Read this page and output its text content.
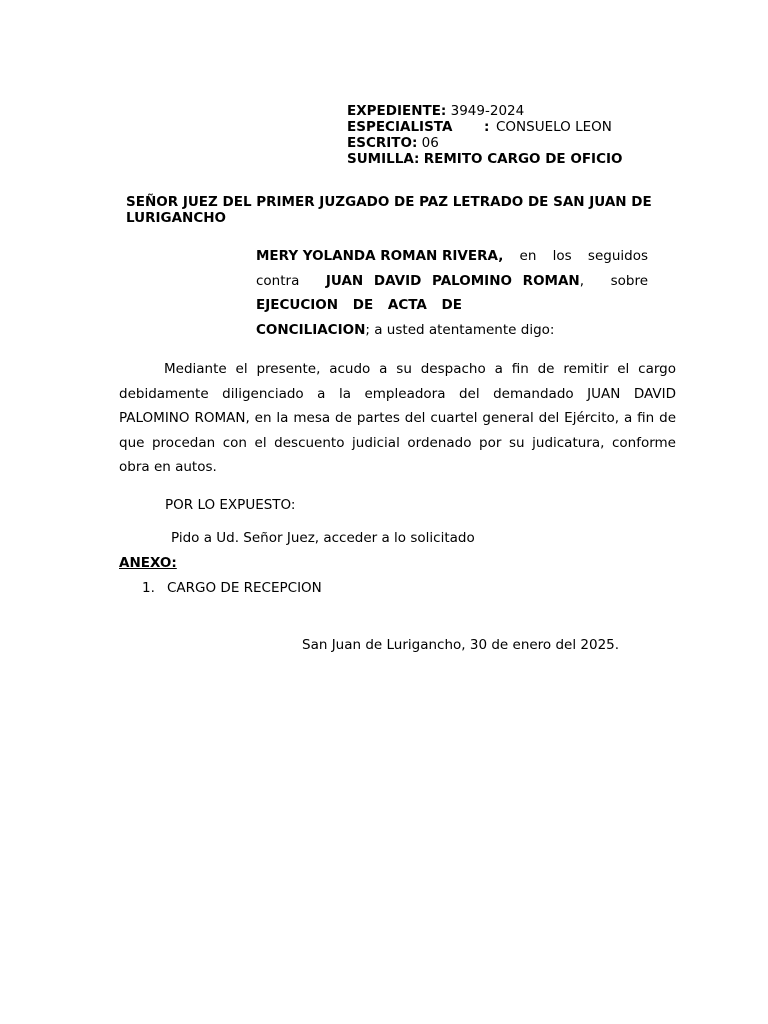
EXPEDIENTE: 3949-2024
ESPECIALISTA : CONSUELO LEON
ESCRITO: 06
SUMILLA: REMITO CARGO DE OFICIO
SEÑOR JUEZ DEL PRIMER JUZGADO DE PAZ LETRADO DE SAN JUAN DE LURIGANCHO
MERY YOLANDA ROMAN RIVERA, en los seguidos
contra JUAN DAVID PALOMINO ROMAN, sobre
EJECUCION DE ACTA DE
CONCILIACION; a usted atentamente digo:
Mediante el presente, acudo a su despacho a fin de remitir el cargo debidamente diligenciado a la empleadora del demandado JUAN DAVID PALOMINO ROMAN, en la mesa de partes del cuartel general del Ejército, a fin de que procedan con el descuento judicial ordenado por su judicatura, conforme obra en autos.
POR LO EXPUESTO:
Pido a Ud. Señor Juez, acceder a lo solicitado
ANEXO:
1. CARGO DE RECEPCION
San Juan de Lurigancho, 30 de enero del 2025.
